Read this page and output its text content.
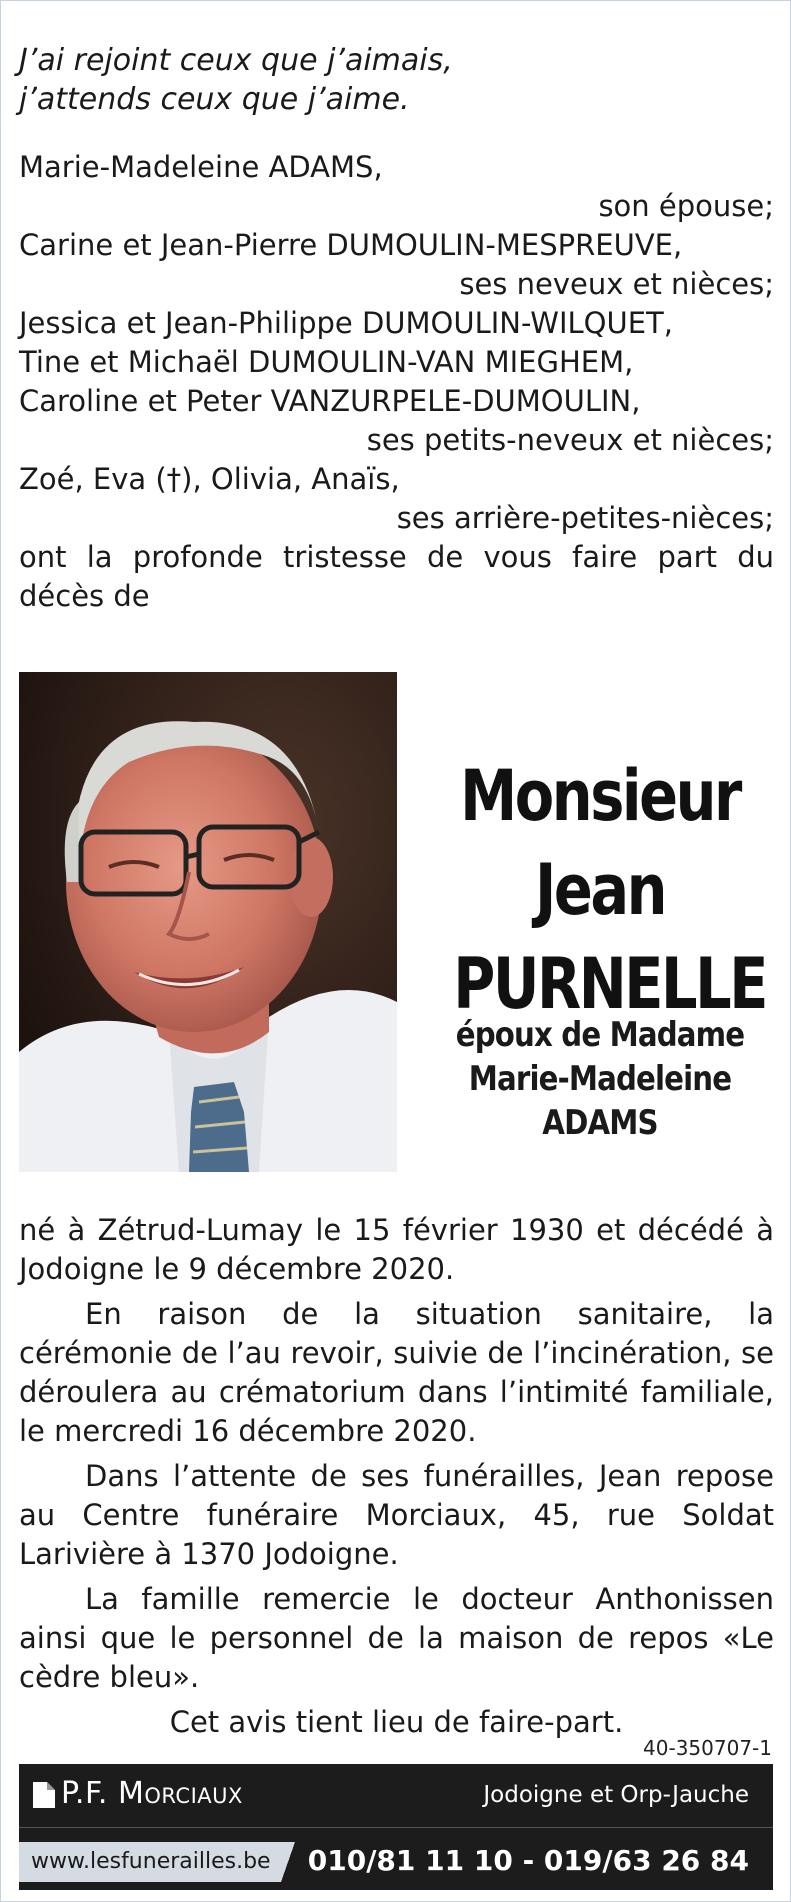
J’ai rejoint ceux que j’aimais,
j’attends ceux que j’aime.
Marie-Madeleine ADAMS,
son épouse;
Carine et Jean-Pierre DUMOULIN-MESPREUVE,
ses neveux et nièces;
Jessica et Jean-Philippe DUMOULIN-WILQUET,
Tine et Michaël DUMOULIN-VAN MIEGHEM,
Caroline et Peter VANZURPELE-DUMOULIN,
ses petits-neveux et nièces;
Zoé, Eva (†), Olivia, Anaïs,
ses arrière-petites-nièces;
ont la profonde tristesse de vous faire part du
décès de
Monsieur
Jean
PURNELLE
époux de Madame
Marie-Madeleine
ADAMS

né à Zétrud-Lumay le 15 février 1930 et décédé à Jodoigne le 9 décembre 2020.

En raison de la situation sanitaire, la cérémonie de l’au revoir, suivie de l’incinération, se déroulera au crématorium dans l’intimité familiale, le mercredi 16 décembre 2020.

Dans l’attente de ses funérailles, Jean repose au Centre funéraire Morciaux, 45, rue Soldat Larivière à 1370 Jodoigne.

La famille remercie le docteur Anthonissen ainsi que le personnel de la maison de repos «Le cèdre bleu».

Cet avis tient lieu de faire-part.

40-350707-1
P.F. Morciaux	Jodoigne et Orp-Jauche
www.lesfunerailles.be	010/81 11 10 - 019/63 26 84
